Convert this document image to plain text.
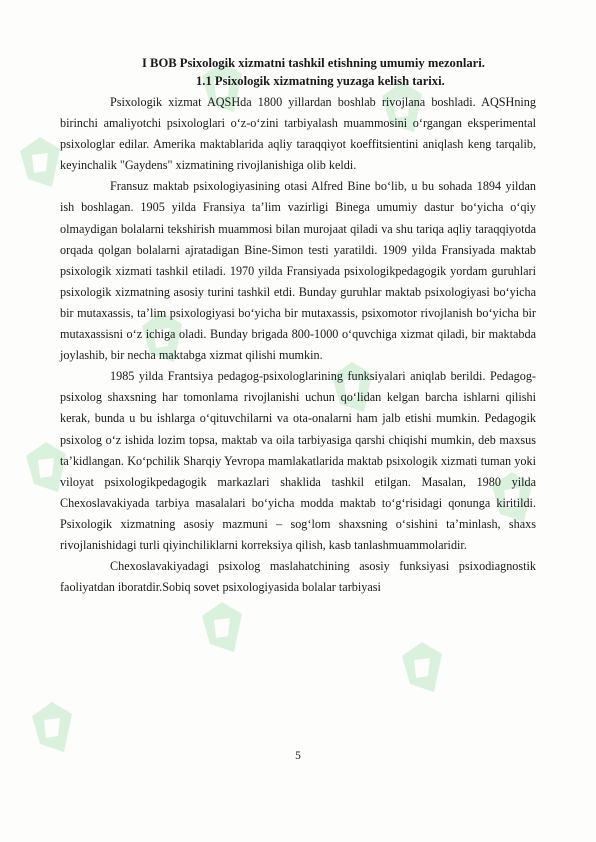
I BOB Psixologik xizmatni tashkil etishning umumiy mezonlari.
1.1 Psixologik xizmatning yuzaga kelish tarixi.

Psixologik xizmat AQSHda 1800 yillardan boshlab rivojlana boshladi. AQSHning birinchi amaliyotchi psixologlari o‘z-o‘zini tarbiyalash muammosini o‘rgangan eksperimental psixologlar edilar. Amerika maktablarida aqliy taraqqiyot koeffitsientini aniqlash keng tarqalib, keyinchalik "Gaydens" xizmatining rivojlanishiga olib keldi.

Fransuz maktab psixologiyasining otasi Alfred Bine bo‘lib, u bu sohada 1894 yildan ish boshlagan. 1905 yilda Fransiya ta’lim vazirligi Binega umumiy dastur bo‘yicha o‘qiy olmaydigan bolalarni tekshirish muammosi bilan murojaat qiladi va shu tariqa aqliy taraqqiyotda orqada qolgan bolalarni ajratadigan Bine-Simon testi yaratildi. 1909 yilda Fransiyada maktab psixologik xizmati tashkil etiladi. 1970 yilda Fransiyada psixologikpedagogik yordam guruhlari psixologik xizmatning asosiy turini tashkil etdi. Bunday guruhlar maktab psixologiyasi bo‘yicha bir mutaxassis, ta’lim psixologiyasi bo‘yicha bir mutaxassis, psixomotor rivojlanish bo‘yicha bir mutaxassisni o‘z ichiga oladi. Bunday brigada 800-1000 o‘quvchiga xizmat qiladi, bir maktabda joylashib, bir necha maktabga xizmat qilishi mumkin.

1985 yilda Frantsiya pedagog-psixologlarining funksiyalari aniqlab berildi. Pedagog-psixolog shaxsning har tomonlama rivojlanishi uchun qo‘lidan kelgan barcha ishlarni qilishi kerak, bunda u bu ishlarga o‘qituvchilarni va ota-onalarni ham jalb etishi mumkin. Pedagogik psixolog o‘z ishida lozim topsa, maktab va oila tarbiyasiga qarshi chiqishi mumkin, deb maxsus ta’kidlangan. Ko‘pchilik Sharqiy Yevropa mamlakatlarida maktab psixologik xizmati tuman yoki viloyat psixologikpedagogik markazlari shaklida tashkil etilgan. Masalan, 1980 yilda Chexoslavakiyada tarbiya masalalari bo‘yicha modda maktab to‘g‘risidagi qonunga kiritildi. Psixologik xizmatning asosiy mazmuni – sog‘lom shaxsning o‘sishini ta’minlash, shaxs rivojlanishidagi turli qiyinchiliklarni korreksiya qilish, kasb tanlashmuammolaridir.

Chexoslavakiyadagi psixolog maslahatchining asosiy funksiyasi psixodiagnostik faoliyatdan iboratdir.Sobiq sovet psixologiyasida bolalar tarbiyasi

5
